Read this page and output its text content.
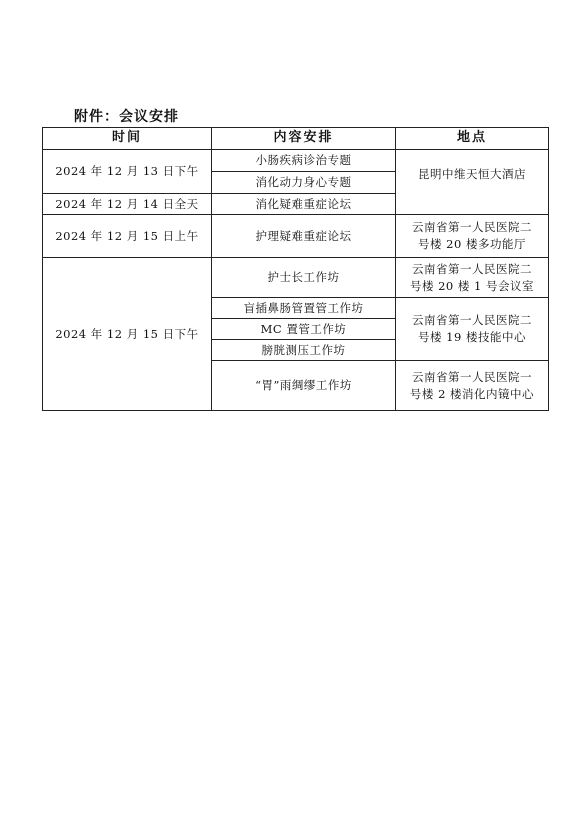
附件：会议安排
时间	内容安排	地点
2024 年 12 月 13 日下午	小肠疾病诊治专题	昆明中维天恒大酒店

	消化动力身心专题	
2024 年 12 月 14 日全天	消化疑难重症论坛	
2024 年 12 月 15 日上午	护理疑难重症论坛	云南省第一人民医院二
号楼 20 楼多功能厅

2024 年 12 月 15 日下午	护士长工作坊	云南省第一人民医院二
号楼 20 楼 1 号会议室

	盲插鼻肠管置管工作坊	云南省第一人民医院二
号楼 19 楼技能中心

	MC 置管工作坊	
	膀胱测压工作坊	
	“胃”雨绸缪工作坊	云南省第一人民医院一
号楼 2 楼消化内镜中心
